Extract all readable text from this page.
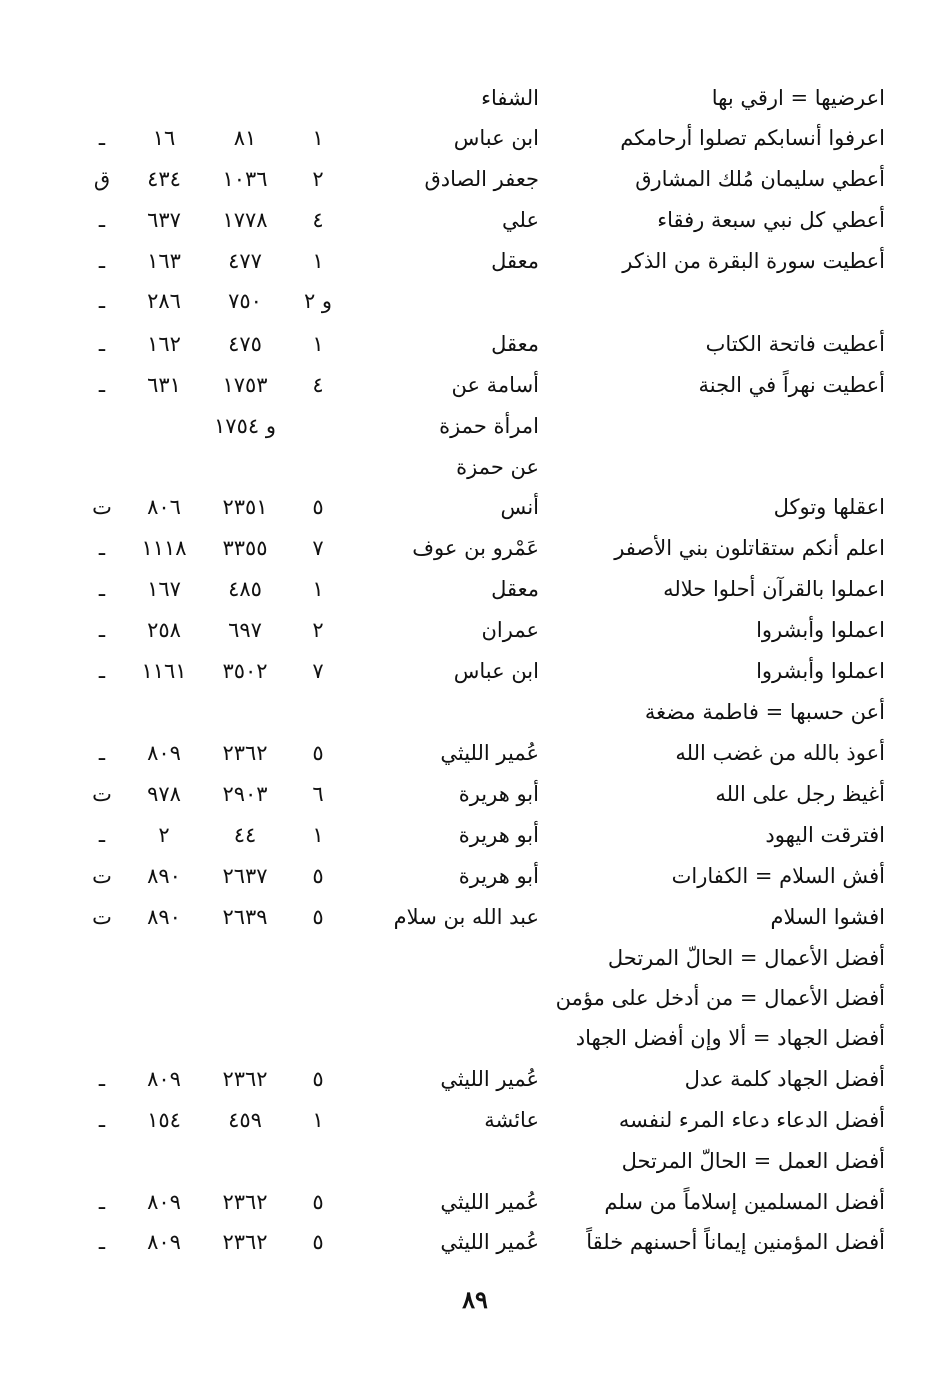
اعرضيها = ارقي بها
الشفاء
اعرفوا أنسابكم تصلوا أرحامكم
ابن عباس
١
٨١
١٦
ـ
أعطي سليمان مُلك المشارق
جعفر الصادق
٢
١٠٣٦
٤٣٤
ق
أعطي كل نبي سبعة رفقاء
علي
٤
١٧٧٨
٦٣٧
ـ
أعطيت سورة البقرة من الذكر
معقل
١
٤٧٧
١٦٣
ـ
و ٢
٧٥٠
٢٨٦
ـ
أعطيت فاتحة الكتاب
معقل
١
٤٧٥
١٦٢
ـ
أعطيت نهراً في الجنة
أسامة عن
٤
١٧٥٣
٦٣١
ـ
امرأة حمزة
و ١٧٥٤
عن حمزة
اعقلها وتوكل
أنس
٥
٢٣٥١
٨٠٦
ت
اعلم أنكم ستقاتلون بني الأصفر
عَمْرو بن عوف
٧
٣٣٥٥
١١١٨
ـ
اعملوا بالقرآن أحلوا حلاله
معقل
١
٤٨٥
١٦٧
ـ
اعملوا وأبشروا
عمران
٢
٦٩٧
٢٥٨
ـ
اعملوا وأبشروا
ابن عباس
٧
٣٥٠٢
١١٦١
ـ
أعن حسبها = فاطمة مضغة
أعوذ بالله من غضب الله
عُمير الليثي
٥
٢٣٦٢
٨٠٩
ـ
أغيظ رجل على الله
أبو هريرة
٦
٢٩٠٣
٩٧٨
ت
افترقت اليهود
أبو هريرة
١
٤٤
٢
ـ
أفش السلام = الكفارات
أبو هريرة
٥
٢٦٣٧
٨٩٠
ت
افشوا السلام
عبد الله بن سلام
٥
٢٦٣٩
٨٩٠
ت
أفضل الأعمال = الحالّ المرتحل
أفضل الأعمال = من أدخل على مؤمن
أفضل الجهاد = ألا وإن أفضل الجهاد
أفضل الجهاد كلمة عدل
عُمير الليثي
٥
٢٣٦٢
٨٠٩
ـ
أفضل الدعاء دعاء المرء لنفسه
عائشة
١
٤٥٩
١٥٤
ـ
أفضل العمل = الحالّ المرتحل
أفضل المسلمين إسلاماً من سلم
عُمير الليثي
٥
٢٣٦٢
٨٠٩
ـ
أفضل المؤمنين إيماناً أحسنهم خلقاً
عُمير الليثي
٥
٢٣٦٢
٨٠٩
ـ
٨٩
